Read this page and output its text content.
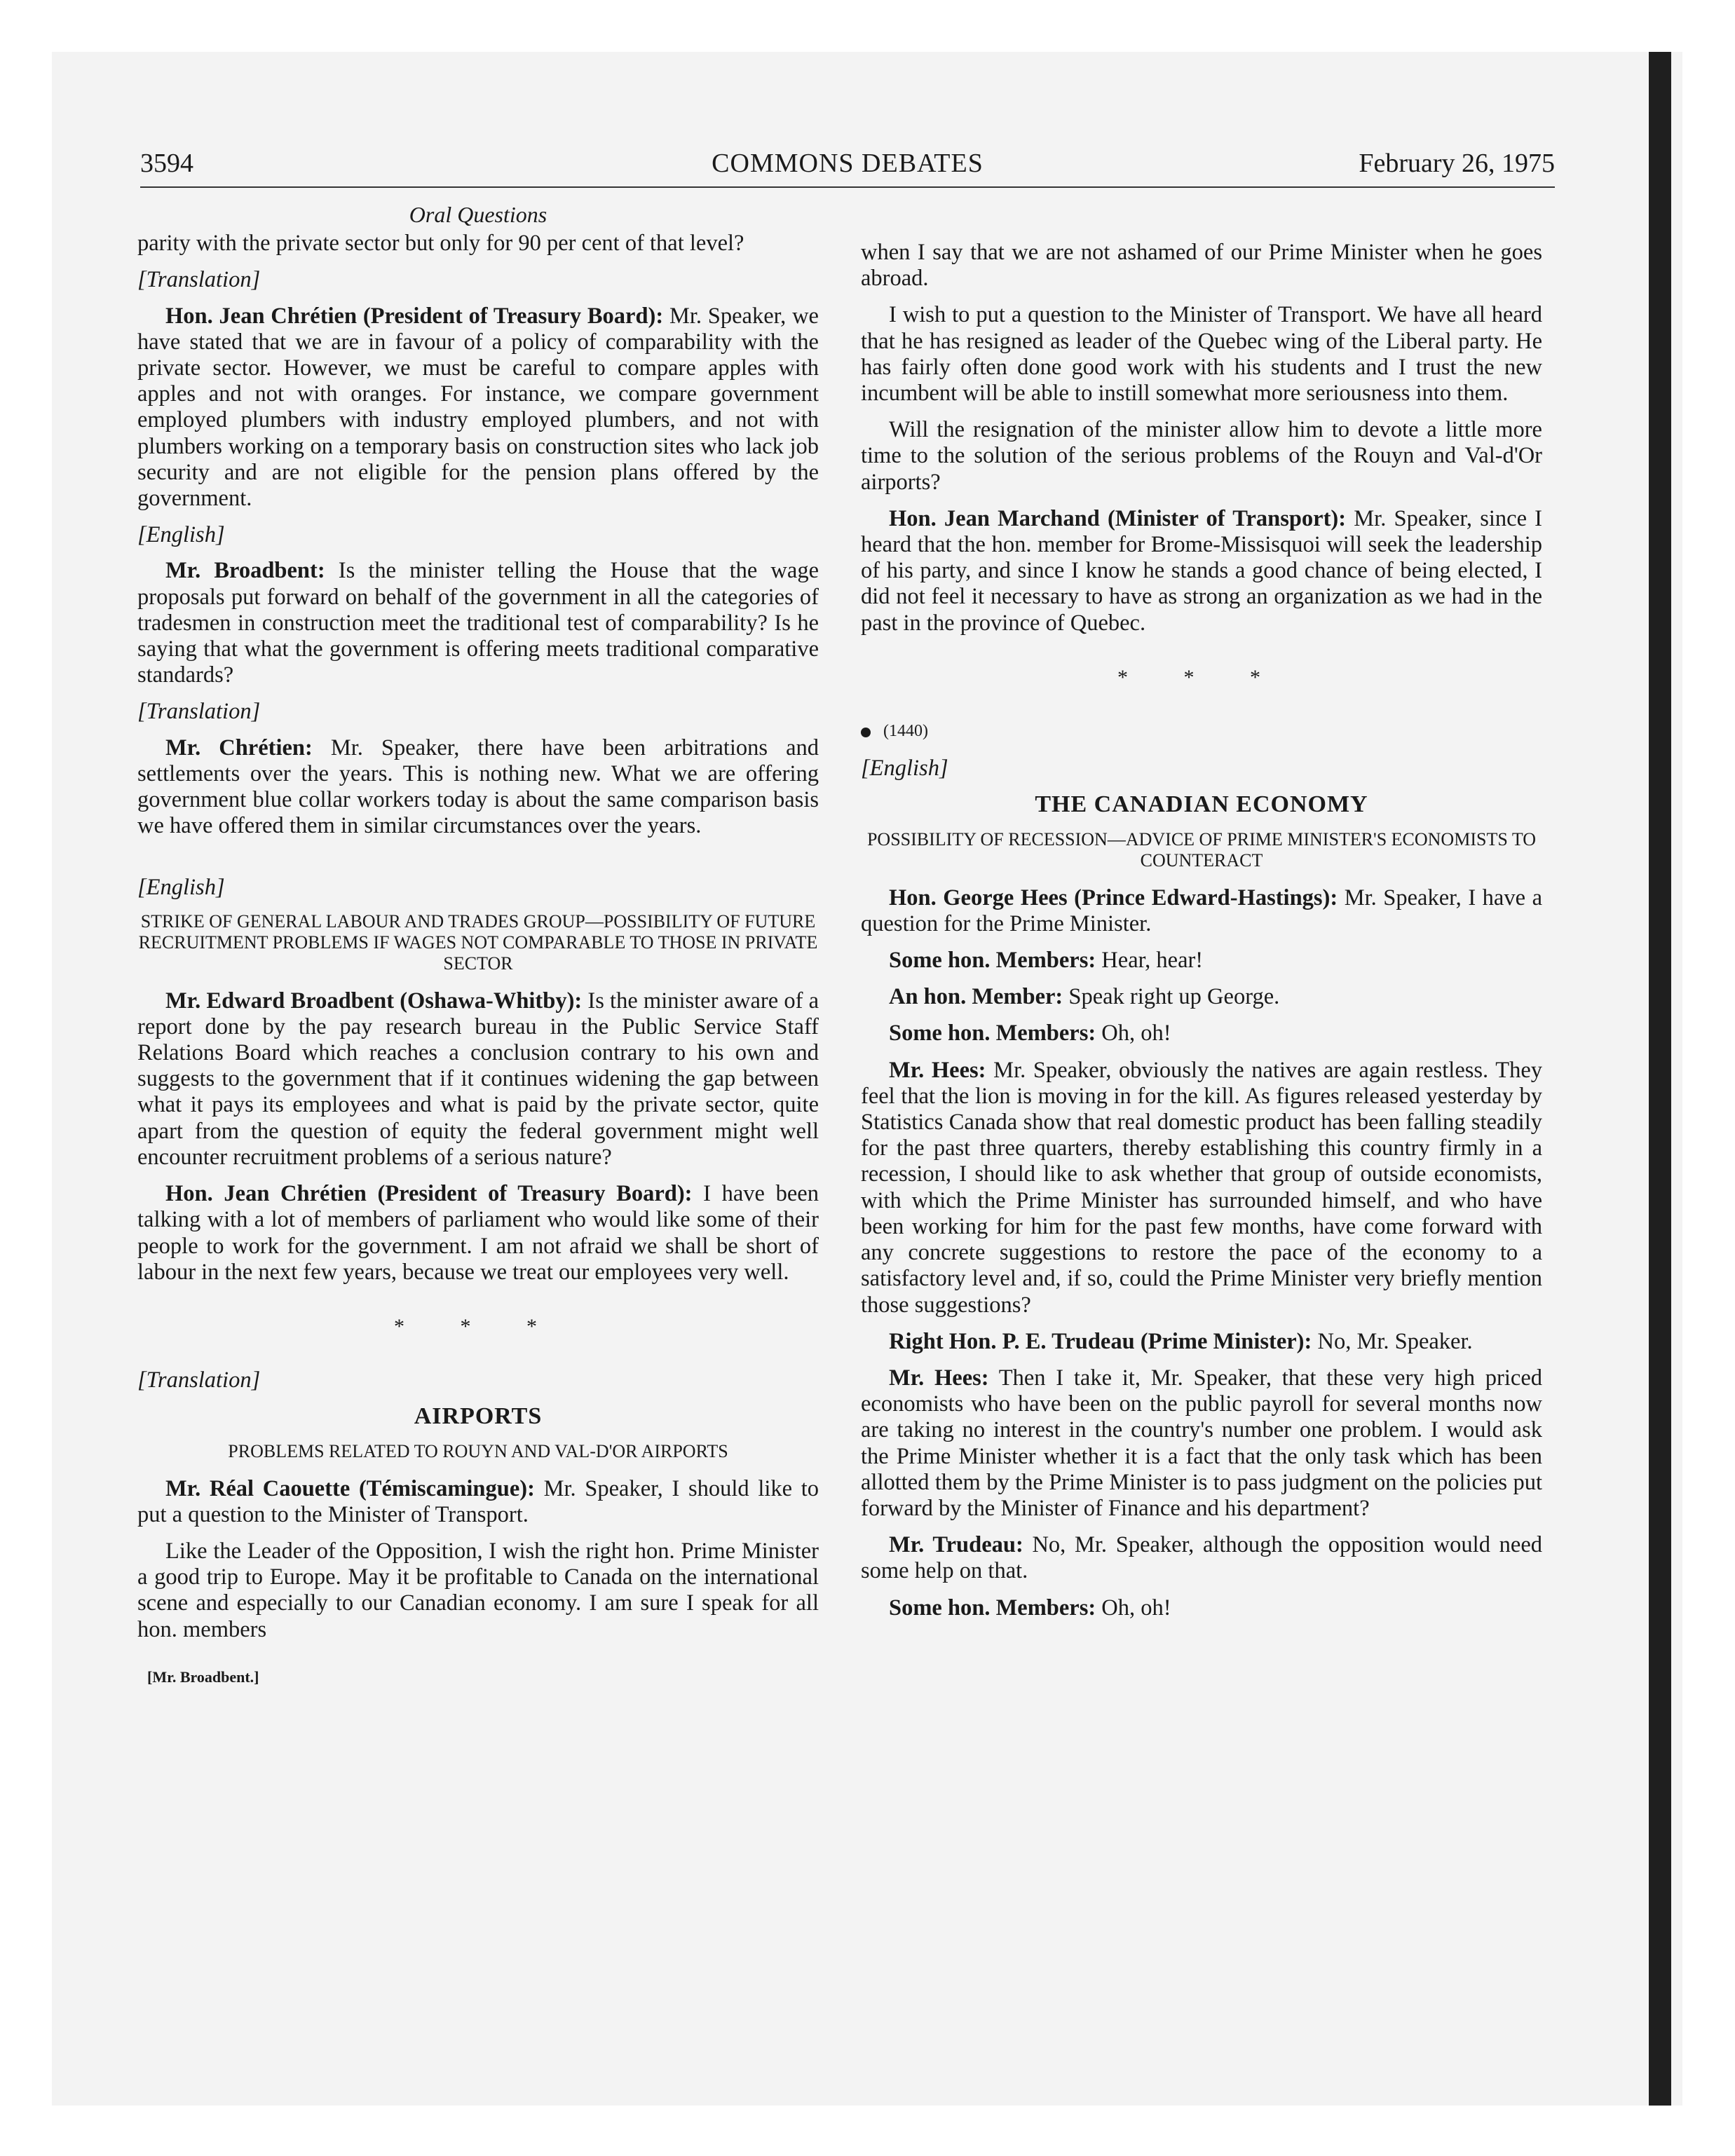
3594	COMMONS DEBATES	February 26, 1975
Oral Questions

parity with the private sector but only for 90 per cent of that level?

[Translation]

Hon. Jean Chrétien (President of Treasury Board): Mr. Speaker, we have stated that we are in favour of a policy of comparability with the private sector. However, we must be careful to compare apples with apples and not with oranges. For instance, we compare government employed plumbers with industry employed plumbers, and not with plumbers working on a temporary basis on construction sites who lack job security and are not eligible for the pension plans offered by the government.

[English]

Mr. Broadbent: Is the minister telling the House that the wage proposals put forward on behalf of the government in all the categories of tradesmen in construction meet the traditional test of comparability? Is he saying that what the government is offering meets traditional comparative standards?

[Translation]

Mr. Chrétien: Mr. Speaker, there have been arbitrations and settlements over the years. This is nothing new. What we are offering government blue collar workers today is about the same comparison basis we have offered them in similar circumstances over the years.

[English]
STRIKE OF GENERAL LABOUR AND TRADES GROUP—POSSIBILITY OF FUTURE RECRUITMENT PROBLEMS IF WAGES NOT COMPARABLE TO THOSE IN PRIVATE SECTOR

Mr. Edward Broadbent (Oshawa-Whitby): Is the minister aware of a report done by the pay research bureau in the Public Service Staff Relations Board which reaches a conclusion contrary to his own and suggests to the government that if it continues widening the gap between what it pays its employees and what is paid by the private sector, quite apart from the question of equity the federal government might well encounter recruitment problems of a serious nature?

Hon. Jean Chrétien (President of Treasury Board): I have been talking with a lot of members of parliament who would like some of their people to work for the government. I am not afraid we shall be short of labour in the next few years, because we treat our employees very well.

* * *
[Translation]
AIRPORTS
PROBLEMS RELATED TO ROUYN AND VAL-D'OR AIRPORTS

Mr. Réal Caouette (Témiscamingue): Mr. Speaker, I should like to put a question to the Minister of Transport.

Like the Leader of the Opposition, I wish the right hon. Prime Minister a good trip to Europe. May it be profitable to Canada on the international scene and especially to our Canadian economy. I am sure I speak for all hon. members

[Mr. Broadbent.]

when I say that we are not ashamed of our Prime Minister when he goes abroad.

I wish to put a question to the Minister of Transport. We have all heard that he has resigned as leader of the Quebec wing of the Liberal party. He has fairly often done good work with his students and I trust the new incumbent will be able to instill somewhat more seriousness into them.

Will the resignation of the minister allow him to devote a little more time to the solution of the serious problems of the Rouyn and Val-d'Or airports?

Hon. Jean Marchand (Minister of Transport): Mr. Speaker, since I heard that the hon. member for Brome-Missisquoi will seek the leadership of his party, and since I know he stands a good chance of being elected, I did not feel it necessary to have as strong an organization as we had in the past in the province of Quebec.

* * *
(1440)
[English]
THE CANADIAN ECONOMY
POSSIBILITY OF RECESSION—ADVICE OF PRIME MINISTER'S ECONOMISTS TO COUNTERACT

Hon. George Hees (Prince Edward-Hastings): Mr. Speaker, I have a question for the Prime Minister.

Some hon. Members: Hear, hear!

An hon. Member: Speak right up George.

Some hon. Members: Oh, oh!

Mr. Hees: Mr. Speaker, obviously the natives are again restless. They feel that the lion is moving in for the kill. As figures released yesterday by Statistics Canada show that real domestic product has been falling steadily for the past three quarters, thereby establishing this country firmly in a recession, I should like to ask whether that group of outside economists, with which the Prime Minister has surrounded himself, and who have been working for him for the past few months, have come forward with any concrete suggestions to restore the pace of the economy to a satisfactory level and, if so, could the Prime Minister very briefly mention those suggestions?

Right Hon. P. E. Trudeau (Prime Minister): No, Mr. Speaker.

Mr. Hees: Then I take it, Mr. Speaker, that these very high priced economists who have been on the public payroll for several months now are taking no interest in the country's number one problem. I would ask the Prime Minister whether it is a fact that the only task which has been allotted them by the Prime Minister is to pass judgment on the policies put forward by the Minister of Finance and his department?

Mr. Trudeau: No, Mr. Speaker, although the opposition would need some help on that.

Some hon. Members: Oh, oh!
